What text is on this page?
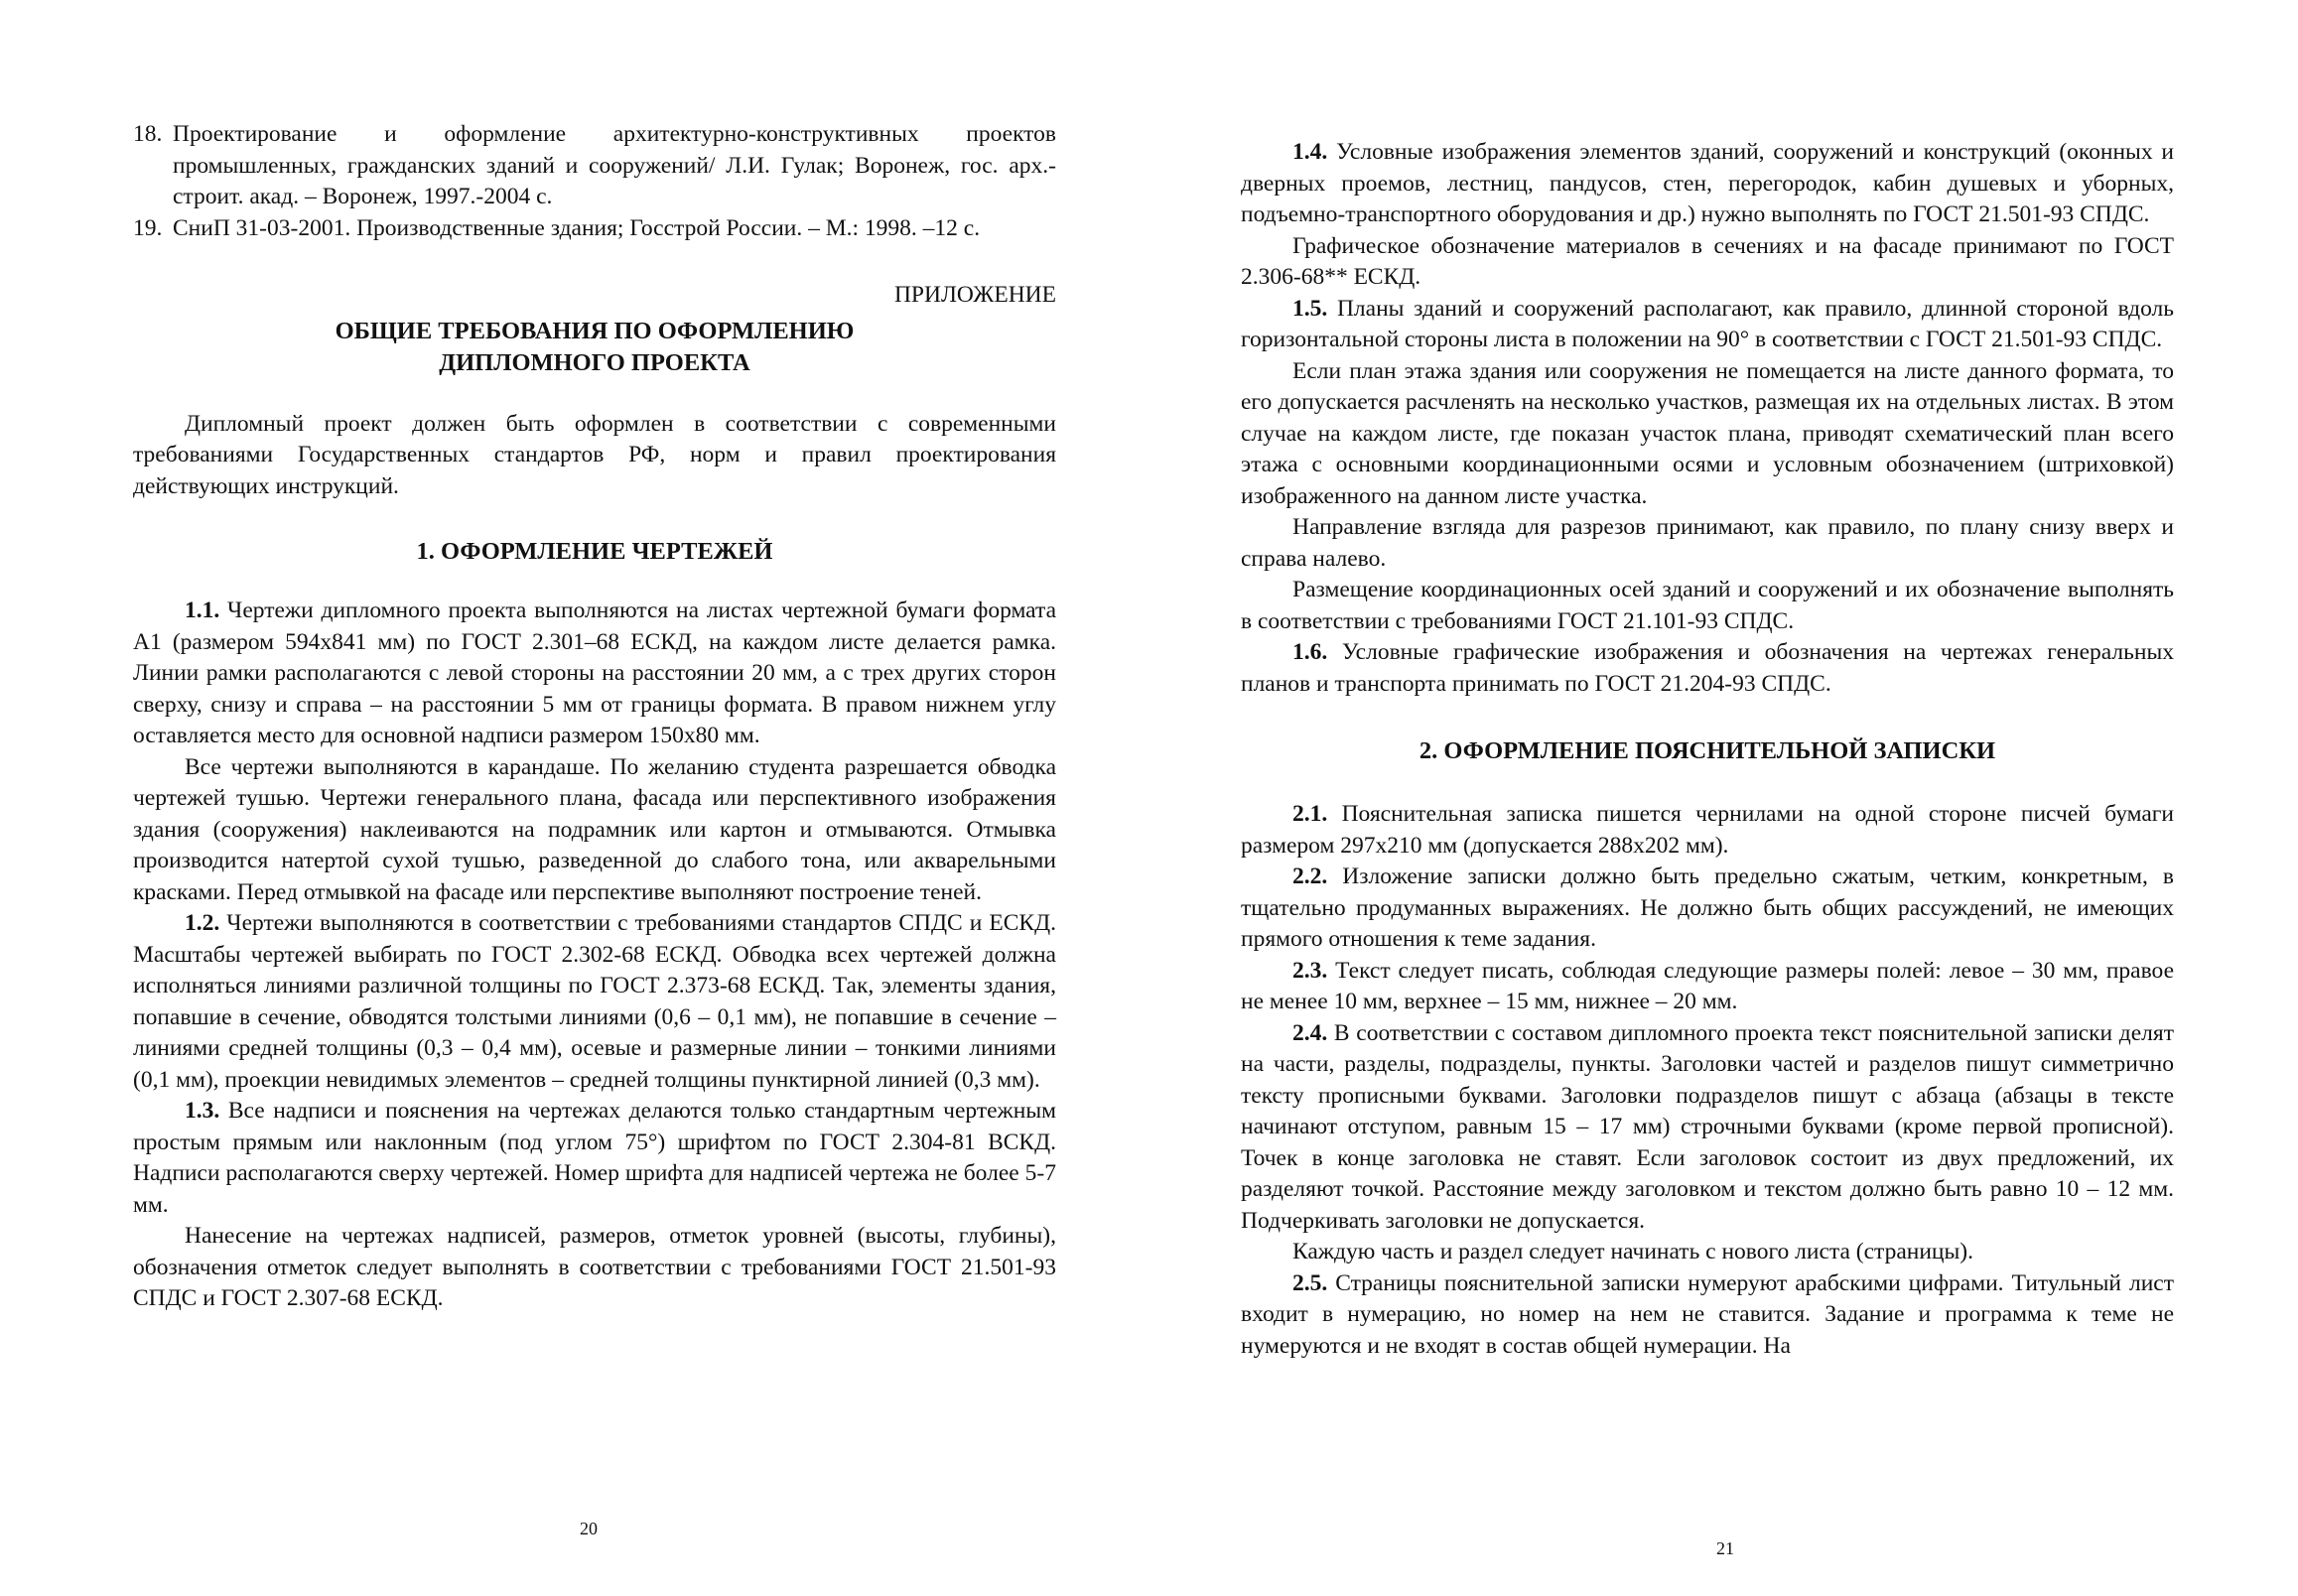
18. Проектирование и оформление архитектурно-конструктивных проектов промышленных, гражданских зданий и сооружений/ Л.И. Гулак; Воронеж, гос. арх.-строит. акад. – Воронеж, 1997.-2004 с.
19. СниП 31-03-2001. Производственные здания; Госстрой России. – М.: 1998. –12 с.
ПРИЛОЖЕНИЕ
ОБЩИЕ ТРЕБОВАНИЯ ПО ОФОРМЛЕНИЮ
ДИПЛОМНОГО ПРОЕКТА

Дипломный проект должен быть оформлен в соответствии с современными требованиями Государственных стандартов РФ, норм и правил проектирования действующих инструкций.

1. ОФОРМЛЕНИЕ ЧЕРТЕЖЕЙ

1.1. Чертежи дипломного проекта выполняются на листах чертежной бумаги формата А1 (размером 594х841 мм) по ГОСТ 2.301–68 ЕСКД, на каждом листе делается рамка. Линии рамки располагаются с левой стороны на расстоянии 20 мм, а с трех других сторон сверху, снизу и справа – на расстоянии 5 мм от границы формата. В правом нижнем углу оставляется место для основной надписи размером 150х80 мм.

Все чертежи выполняются в карандаше. По желанию студента разрешается обводка чертежей тушью. Чертежи генерального плана, фасада или перспективного изображения здания (сооружения) наклеиваются на подрамник или картон и отмываются. Отмывка производится натертой сухой тушью, разведенной до слабого тона, или акварельными красками. Перед отмывкой на фасаде или перспективе выполняют построение теней.

1.2. Чертежи выполняются в соответствии с требованиями стандартов СПДС и ЕСКД. Масштабы чертежей выбирать по ГОСТ 2.302-68 ЕСКД. Обводка всех чертежей должна исполняться линиями различной толщины по ГОСТ 2.373-68 ЕСКД. Так, элементы здания, попавшие в сечение, обводятся толстыми линиями (0,6 – 0,1 мм), не попавшие в сечение – линиями средней толщины (0,3 – 0,4 мм), осевые и размерные линии – тонкими линиями (0,1 мм), проекции невидимых элементов – средней толщины пунктирной линией (0,3 мм).

1.3. Все надписи и пояснения на чертежах делаются только стандартным чертежным простым прямым или наклонным (под углом 75°) шрифтом по ГОСТ 2.304-81 ВСКД. Надписи располагаются сверху чертежей. Номер шрифта для надписей чертежа не более 5-7 мм.

Нанесение на чертежах надписей, размеров, отметок уровней (высоты, глубины), обозначения отметок следует выполнять в соответствии с требованиями ГОСТ 21.501-93 СПДС и ГОСТ 2.307-68 ЕСКД.

20

1.4. Условные изображения элементов зданий, сооружений и конструкций (оконных и дверных проемов, лестниц, пандусов, стен, перегородок, кабин душевых и уборных, подъемно-транспортного оборудования и др.) нужно выполнять по ГОСТ 21.501-93 СПДС.

Графическое обозначение материалов в сечениях и на фасаде принимают по ГОСТ 2.306-68** ЕСКД.

1.5. Планы зданий и сооружений располагают, как правило, длинной стороной вдоль горизонтальной стороны листа в положении на 90° в соответствии с ГОСТ 21.501-93 СПДС.

Если план этажа здания или сооружения не помещается на листе данного формата, то его допускается расчленять на несколько участков, размещая их на отдельных листах. В этом случае на каждом листе, где показан участок плана, приводят схематический план всего этажа с основными координационными осями и условным обозначением (штриховкой) изображенного на данном листе участка.

Направление взгляда для разрезов принимают, как правило, по плану снизу вверх и справа налево.

Размещение координационных осей зданий и сооружений и их обозначение выполнять в соответствии с требованиями ГОСТ 21.101-93 СПДС.

1.6. Условные графические изображения и обозначения на чертежах генеральных планов и транспорта принимать по ГОСТ 21.204-93 СПДС.

2. ОФОРМЛЕНИЕ ПОЯСНИТЕЛЬНОЙ ЗАПИСКИ

2.1. Пояснительная записка пишется чернилами на одной стороне писчей бумаги размером 297х210 мм (допускается 288х202 мм).

2.2. Изложение записки должно быть предельно сжатым, четким, конкретным, в тщательно продуманных выражениях. Не должно быть общих рассуждений, не имеющих прямого отношения к теме задания.

2.3. Текст следует писать, соблюдая следующие размеры полей: левое – 30 мм, правое не менее 10 мм, верхнее – 15 мм, нижнее – 20 мм.

2.4. В соответствии с составом дипломного проекта текст пояснительной записки делят на части, разделы, подразделы, пункты. Заголовки частей и разделов пишут симметрично тексту прописными буквами. Заголовки подразделов пишут с абзаца (абзацы в тексте начинают отступом, равным 15 – 17 мм) строчными буквами (кроме первой прописной). Точек в конце заголовка не ставят. Если заголовок состоит из двух предложений, их разделяют точкой. Расстояние между заголовком и текстом должно быть равно 10 – 12 мм. Подчеркивать заголовки не допускается.

Каждую часть и раздел следует начинать с нового листа (страницы).

2.5. Страницы пояснительной записки нумеруют арабскими цифрами. Титульный лист входит в нумерацию, но номер на нем не ставится. Задание и программа к теме не нумеруются и не входят в состав общей нумерации. На

21
